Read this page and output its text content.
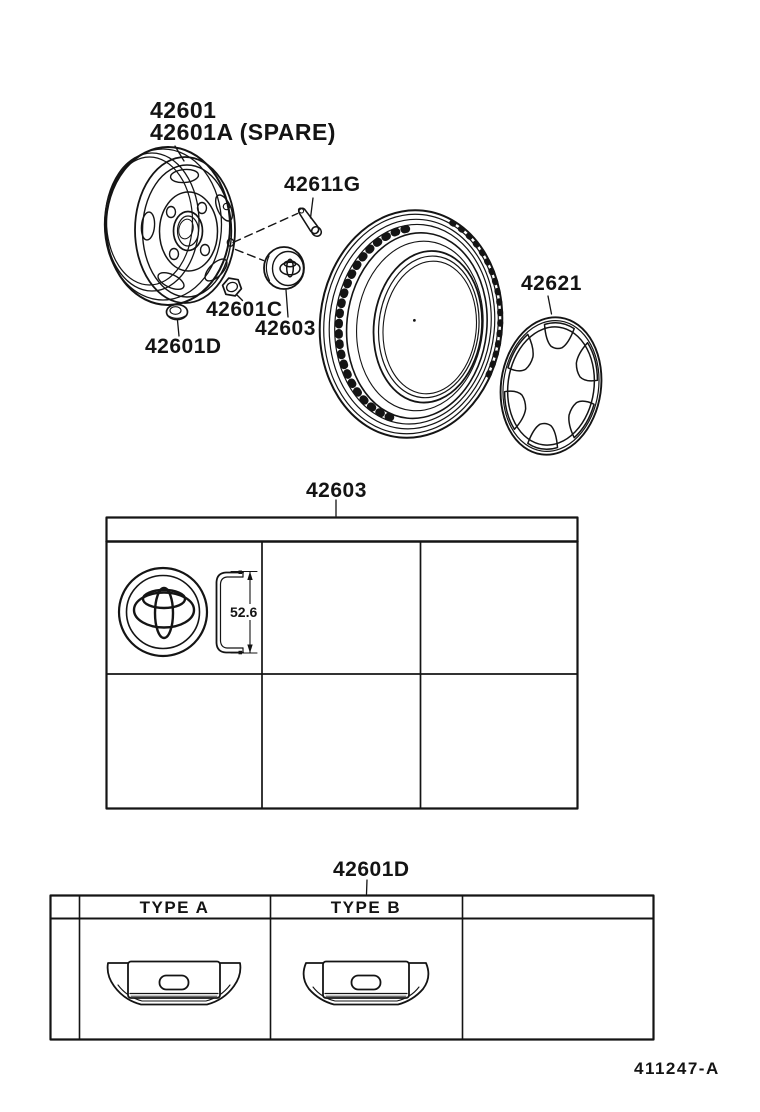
42601
42601A (SPARE)
42611G
42621
42601C
42603
42601D
42603
52.6
42601D
TYPE A	TYPE B
411247-A
